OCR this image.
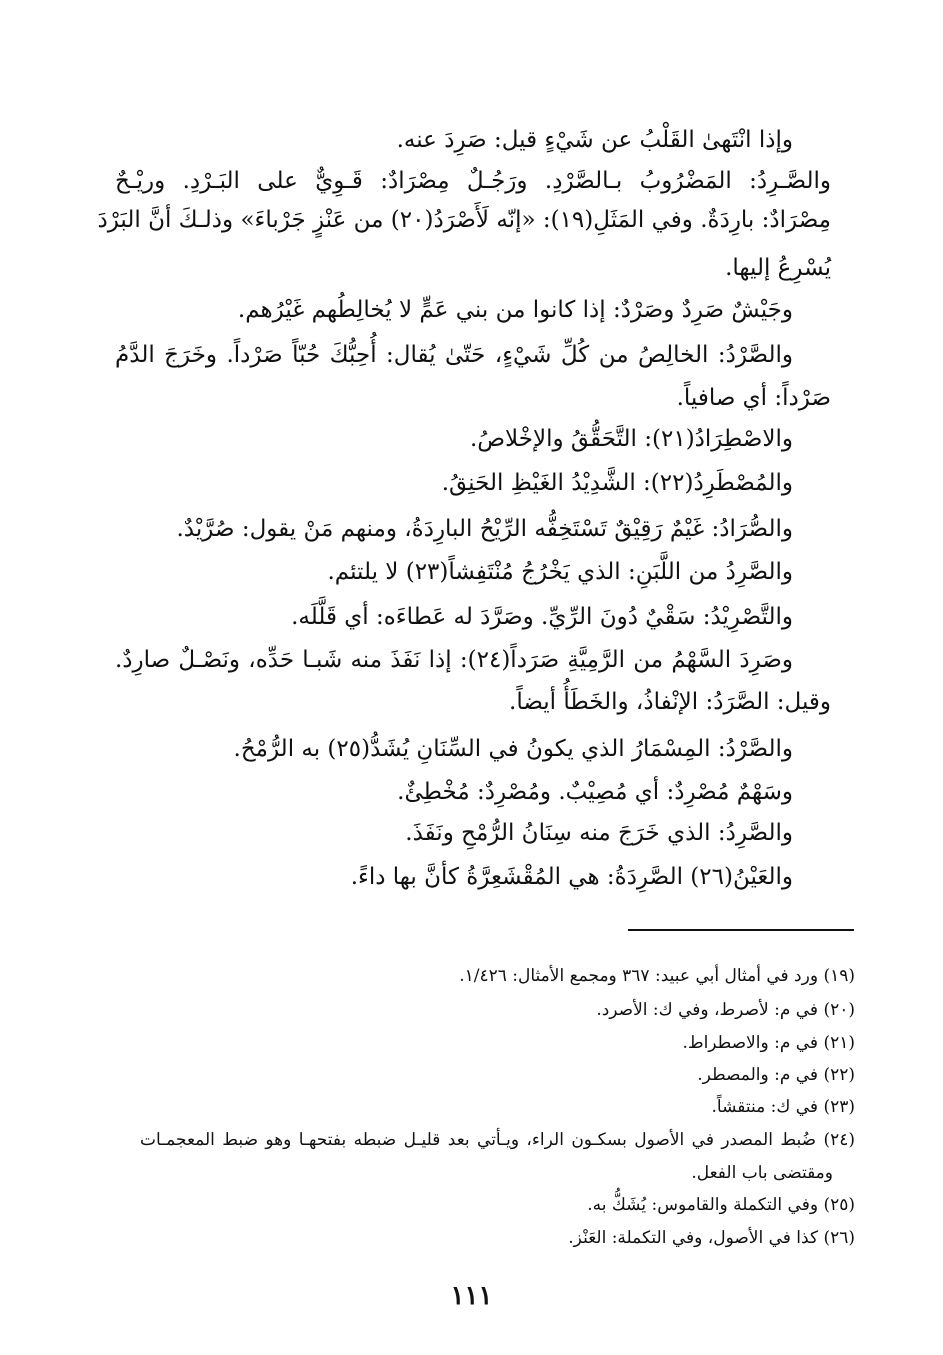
وإذا انْتَهىٰ القَلْبُ عن شَيْءٍ قيل: صَرِدَ عنه.
والصَّـرِدُ: المَضْرُوبُ بـالصَّرْدِ. ورَجُـلٌ مِصْرَادٌ: قَـوِيٌّ على البَـرْدِ. وريْـحٌ
مِصْرَادٌ: بارِدَةٌ. وفي المَثَلِ(١٩): «إنّه لَأَصْرَدُ(٢٠) من عَنْزٍ جَرْباءَ» وذلـكَ أنَّ البَرْدَ
يُسْرِعُ إليها.
وجَيْشٌ صَرِدٌ وصَرْدٌ: إذا كانوا من بني عَمٍّ لا يُخالِطُهم غَيْرُهم.
والصَّرْدُ: الخالِصُ من كُلِّ شَيْءٍ، حَتّىٰ يُقال: أُحِبُّكَ حُبّاً صَرْداً. وخَرَجَ الدَّمُ
صَرْداً: أي صافياً.
والاصْطِرَادُ(٢١): التَّحَقُّقُ والإخْلاصُ.
والمُصْطَرِدُ(٢٢): الشَّدِيْدُ الغَيْظِ الحَنِقُ.
والصُّرَادُ: غَيْمٌ رَقِيْقٌ تَسْتَخِفُّه الرِّيْحُ البارِدَةُ، ومنهم مَنْ يقول: صُرَّيْدٌ.
والصَّرِدُ من اللَّبَنِ: الذي يَخْرُجُ مُنْتَفِشاً(٢٣) لا يلتئم.
والتَّصْرِيْدُ: سَقْيٌ دُونَ الرِّيِّ. وصَرَّدَ له عَطاءَه: أي قَلَّلَه.
وصَرِدَ السَّهْمُ من الرَّمِيَّةِ صَرَداً(٢٤): إذا نَفَذَ منه شَبـا حَدِّه، ونَصْـلٌ صارِدٌ.
وقيل: الصَّرَدُ: الإنْفاذُ، والخَطَأُ أيضاً.
والصَّرْدُ: المِسْمَارُ الذي يكونُ في السِّنَانِ يُشَدُّ(٢٥) به الرُّمْحُ.
وسَهْمٌ مُصْرِدٌ: أي مُصِيْبٌ. ومُصْرِدٌ: مُخْطِئٌ.
والصَّرِدُ: الذي خَرَجَ منه سِنَانُ الرُّمْحِ ونَفَذَ.
والعَيْنُ(٢٦) الصَّرِدَةُ: هي المُقْشَعِرَّةُ كأنَّ بها داءً.
(١٩) ورد في أمثال أبي عبيد: ٣٦٧ ومجمع الأمثال: ١/٤٢٦.
(٢٠) في م: لأصرط، وفي ك: الأصرد.
(٢١) في م: والاصطراط.
(٢٢) في م: والمصطر.
(٢٣) في ك: منتقشاً.
(٢٤) ضُبط المصدر في الأصول بسكـون الراء، ويـأتي بعد قليـل ضبطه بفتحهـا وهو ضبط المعجمـات
ومقتضى باب الفعل.
(٢٥) وفي التكملة والقاموس: يُشَكُّ به.
(٢٦) كذا في الأصول، وفي التكملة: العَنْز.
١١١
